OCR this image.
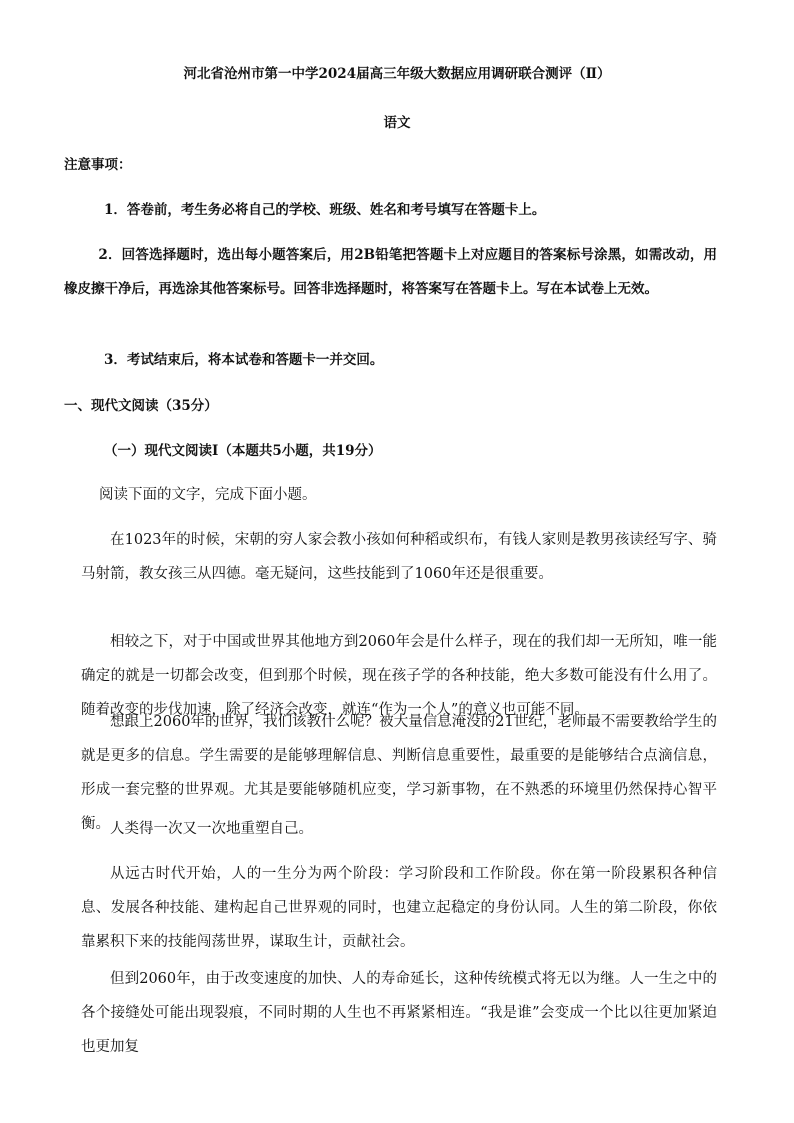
河北省沧州市第一中学2024届高三年级大数据应用调研联合测评（Ⅱ）
语文
注意事项：
1．答卷前，考生务必将自己的学校、班级、姓名和考号填写在答题卡上。

2．回答选择题时，选出每小题答案后，用2B铅笔把答题卡上对应题目的答案标号涂黑，如需改动，用橡皮擦干净后，再选涂其他答案标号。回答非选择题时，将答案写在答题卡上。写在本试卷上无效。

3．考试结束后，将本试卷和答题卡一并交回。
一、现代文阅读（35分）
（一）现代文阅读Ⅰ（本题共5小题，共19分）
阅读下面的文字，完成下面小题。

在1023年的时候，宋朝的穷人家会教小孩如何种稻或织布，有钱人家则是教男孩读经写字、骑马射箭，教女孩三从四德。毫无疑问，这些技能到了1060年还是很重要。

相较之下，对于中国或世界其他地方到2060年会是什么样子，现在的我们却一无所知，唯一能确定的就是一切都会改变，但到那个时候，现在孩子学的各种技能，绝大多数可能没有什么用了。随着改变的步伐加速，除了经济会改变，就连“作为一个人”的意义也可能不同。

想跟上2060年的世界，我们该教什么呢？被大量信息淹没的21世纪，老师最不需要教给学生的就是更多的信息。学生需要的是能够理解信息、判断信息重要性，最重要的是能够结合点滴信息，形成一套完整的世界观。尤其是要能够随机应变，学习新事物，在不熟悉的环境里仍然保持心智平衡。 人类得一次又一次地重塑自己。

从远古时代开始，人的一生分为两个阶段：学习阶段和工作阶段。你在第一阶段累积各种信息、发展各种技能、建构起自己世界观的同时，也建立起稳定的身份认同。人生的第二阶段，你依靠累积下来的技能闯荡世界，谋取生计，贡献社会。

但到2060年，由于改变速度的加快、人的寿命延长，这种传统模式将无以为继。人一生之中的各个接缝处可能出现裂痕，不同时期的人生也不再紧紧相连。“我是谁”会变成一个比以往更加紧迫也更加复
